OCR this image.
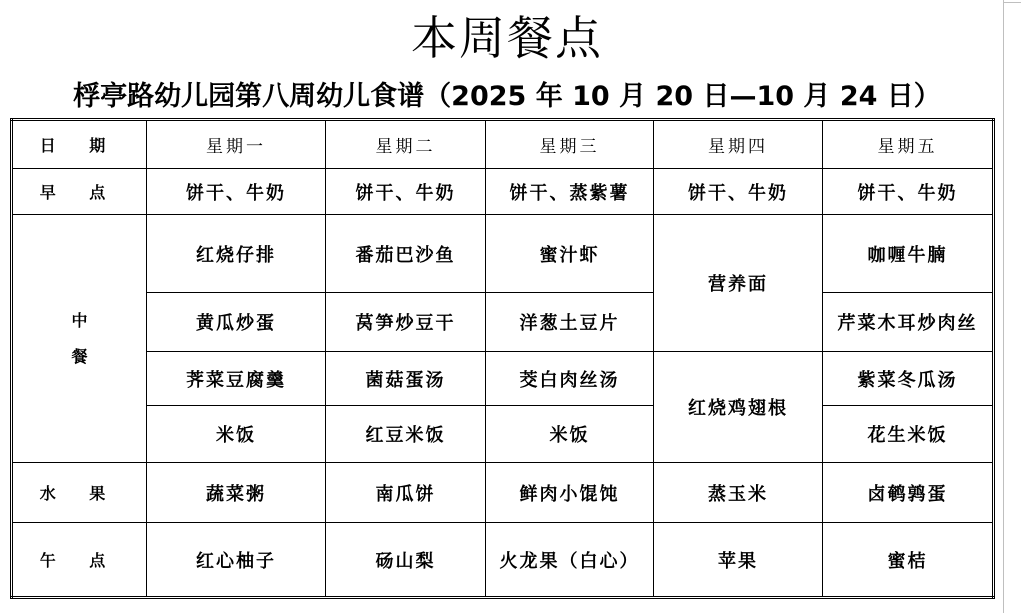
本周餐点
桴亭路幼儿园第八周幼儿食谱（2025 年 10 月 20 日—10 月 24 日）
日 期	星期一	星期二	星期三	星期四	星期五
早 点	饼干、牛奶	饼干、牛奶	饼干、蒸紫薯	饼干、牛奶	饼干、牛奶
中餐	红烧仔排	番茄巴沙鱼	蜜汁虾	营养面	咖喱牛腩
	黄瓜炒蛋	莴笋炒豆干	洋葱土豆片		芹菜木耳炒肉丝
	荠菜豆腐羹	菌菇蛋汤	茭白肉丝汤	红烧鸡翅根	紫菜冬瓜汤
	米饭	红豆米饭	米饭		花生米饭
水 果	蔬菜粥	南瓜饼	鲜肉小馄饨	蒸玉米	卤鹌鹑蛋
午 点	红心柚子	砀山梨	火龙果（白心）	苹果	蜜桔
